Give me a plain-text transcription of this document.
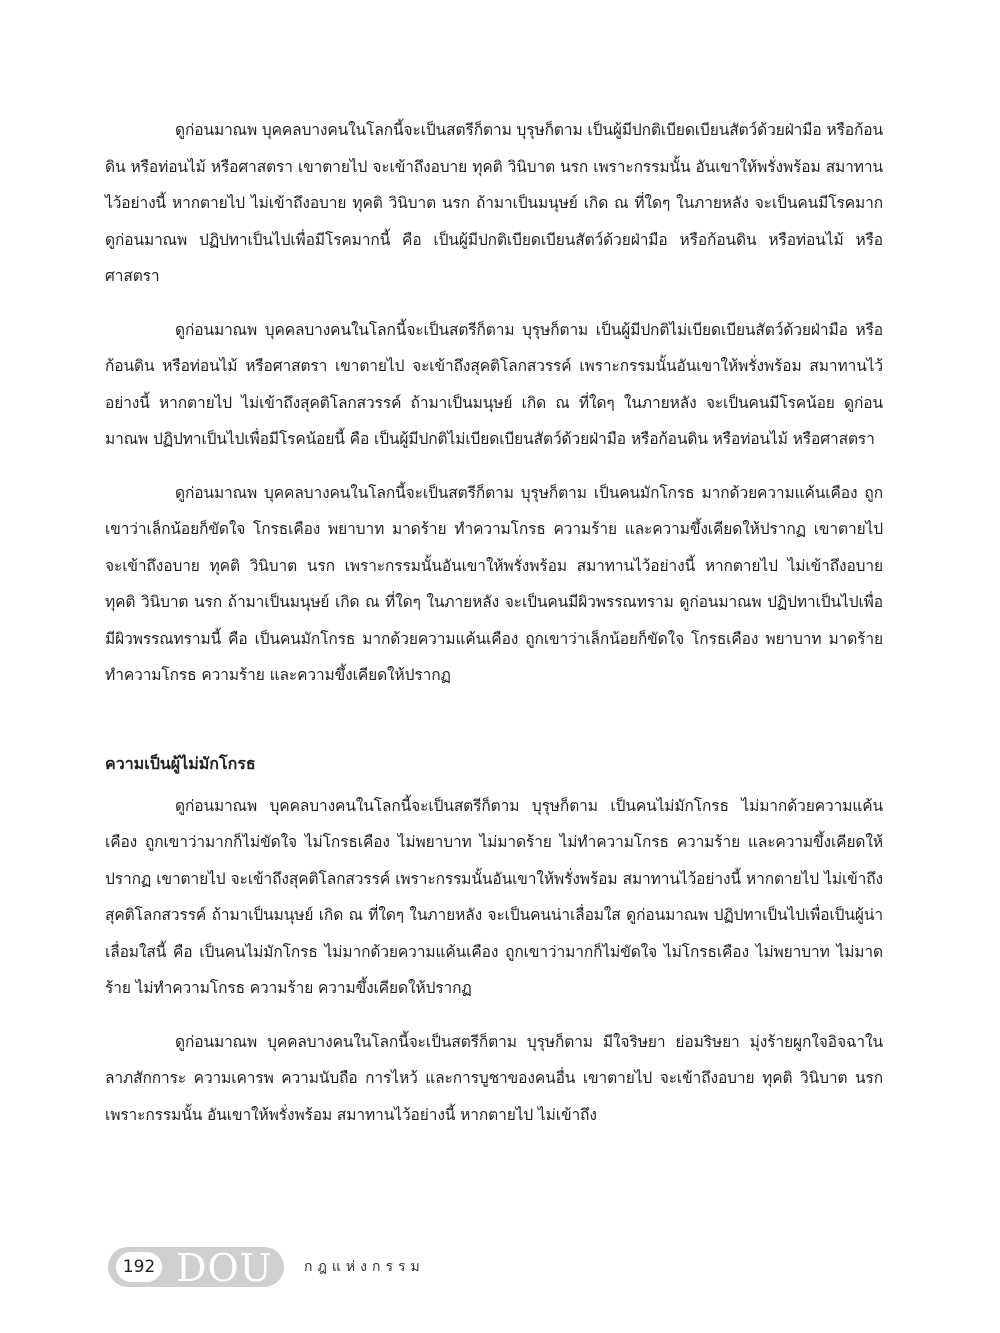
ดูก่อนมาณพ บุคคลบางคนในโลกนี้จะเป็นสตรีก็ตาม บุรุษก็ตาม เป็นผู้มีปกติเบียดเบียนสัตว์ด้วยฝ่ามือ หรือก้อนดิน หรือท่อนไม้ หรือศาสตรา เขาตายไป จะเข้าถึงอบาย ทุคติ วินิบาต นรก เพราะกรรมนั้น อันเขาให้พรั่งพร้อม สมาทานไว้อย่างนี้ หากตายไป ไม่เข้าถึงอบาย ทุคติ วินิบาต นรก ถ้ามาเป็นมนุษย์ เกิด ณ ที่ใดๆ ในภายหลัง จะเป็นคนมีโรคมาก ดูก่อนมาณพ ปฏิปทาเป็นไปเพื่อมีโรคมากนี้ คือ เป็นผู้มีปกติเบียดเบียนสัตว์ด้วยฝ่ามือ หรือก้อนดิน หรือท่อนไม้ หรือศาสตรา

ดูก่อนมาณพ บุคคลบางคนในโลกนี้จะเป็นสตรีก็ตาม บุรุษก็ตาม เป็นผู้มีปกติไม่เบียดเบียนสัตว์ด้วยฝ่ามือ หรือก้อนดิน หรือท่อนไม้ หรือศาสตรา เขาตายไป จะเข้าถึงสุคติโลกสวรรค์ เพราะกรรมนั้นอันเขาให้พรั่งพร้อม สมาทานไว้อย่างนี้ หากตายไป ไม่เข้าถึงสุคติโลกสวรรค์ ถ้ามาเป็นมนุษย์ เกิด ณ ที่ใดๆ ในภายหลัง จะเป็นคนมีโรคน้อย ดูก่อนมาณพ ปฏิปทาเป็นไปเพื่อมีโรคน้อยนี้ คือ เป็นผู้มีปกติไม่เบียดเบียนสัตว์ด้วยฝ่ามือ หรือก้อนดิน หรือท่อนไม้ หรือศาสตรา

ดูก่อนมาณพ บุคคลบางคนในโลกนี้จะเป็นสตรีก็ตาม บุรุษก็ตาม เป็นคนมักโกรธ มากด้วยความแค้นเคือง ถูกเขาว่าเล็กน้อยก็ขัดใจ โกรธเคือง พยาบาท มาดร้าย ทำความโกรธ ความร้าย และความขึ้งเคียดให้ปรากฏ เขาตายไป จะเข้าถึงอบาย ทุคติ วินิบาต นรก เพราะกรรมนั้นอันเขาให้พรั่งพร้อม สมาทานไว้อย่างนี้ หากตายไป ไม่เข้าถึงอบาย ทุคติ วินิบาต นรก ถ้ามาเป็นมนุษย์ เกิด ณ ที่ใดๆ ในภายหลัง จะเป็นคนมีผิวพรรณทราม ดูก่อนมาณพ ปฏิปทาเป็นไปเพื่อมีผิวพรรณทรามนี้ คือ เป็นคนมักโกรธ มากด้วยความแค้นเคือง ถูกเขาว่าเล็กน้อยก็ขัดใจ โกรธเคือง พยาบาท มาดร้าย ทำความโกรธ ความร้าย และความขึ้งเคียดให้ปรากฏ

ความเป็นผู้ไม่มักโกรธ

ดูก่อนมาณพ บุคคลบางคนในโลกนี้จะเป็นสตรีก็ตาม บุรุษก็ตาม เป็นคนไม่มักโกรธ ไม่มากด้วยความแค้นเคือง ถูกเขาว่ามากก็ไม่ขัดใจ ไม่โกรธเคือง ไม่พยาบาท ไม่มาดร้าย ไม่ทำความโกรธ ความร้าย และความขึ้งเคียดให้ปรากฏ เขาตายไป จะเข้าถึงสุคติโลกสวรรค์ เพราะกรรมนั้นอันเขาให้พรั่งพร้อม สมาทานไว้อย่างนี้ หากตายไป ไม่เข้าถึงสุคติโลกสวรรค์ ถ้ามาเป็นมนุษย์ เกิด ณ ที่ใดๆ ในภายหลัง จะเป็นคนน่าเลื่อมใส ดูก่อนมาณพ ปฏิปทาเป็นไปเพื่อเป็นผู้น่าเลื่อมใสนี้ คือ เป็นคนไม่มักโกรธ ไม่มากด้วยความแค้นเคือง ถูกเขาว่ามากก็ไม่ขัดใจ ไม่โกรธเคือง ไม่พยาบาท ไม่มาดร้าย ไม่ทำความโกรธ ความร้าย ความขึ้งเคียดให้ปรากฏ

ดูก่อนมาณพ บุคคลบางคนในโลกนี้จะเป็นสตรีก็ตาม บุรุษก็ตาม มีใจริษยา ย่อมริษยา มุ่งร้ายผูกใจอิจฉาในลาภสักการะ ความเคารพ ความนับถือ การไหว้ และการบูชาของคนอื่น เขาตายไป จะเข้าถึงอบาย ทุคติ วินิบาต นรก เพราะกรรมนั้น อันเขาให้พรั่งพร้อม สมาทานไว้อย่างนี้ หากตายไป ไม่เข้าถึง

192 DOU กฎแห่งกรรม
